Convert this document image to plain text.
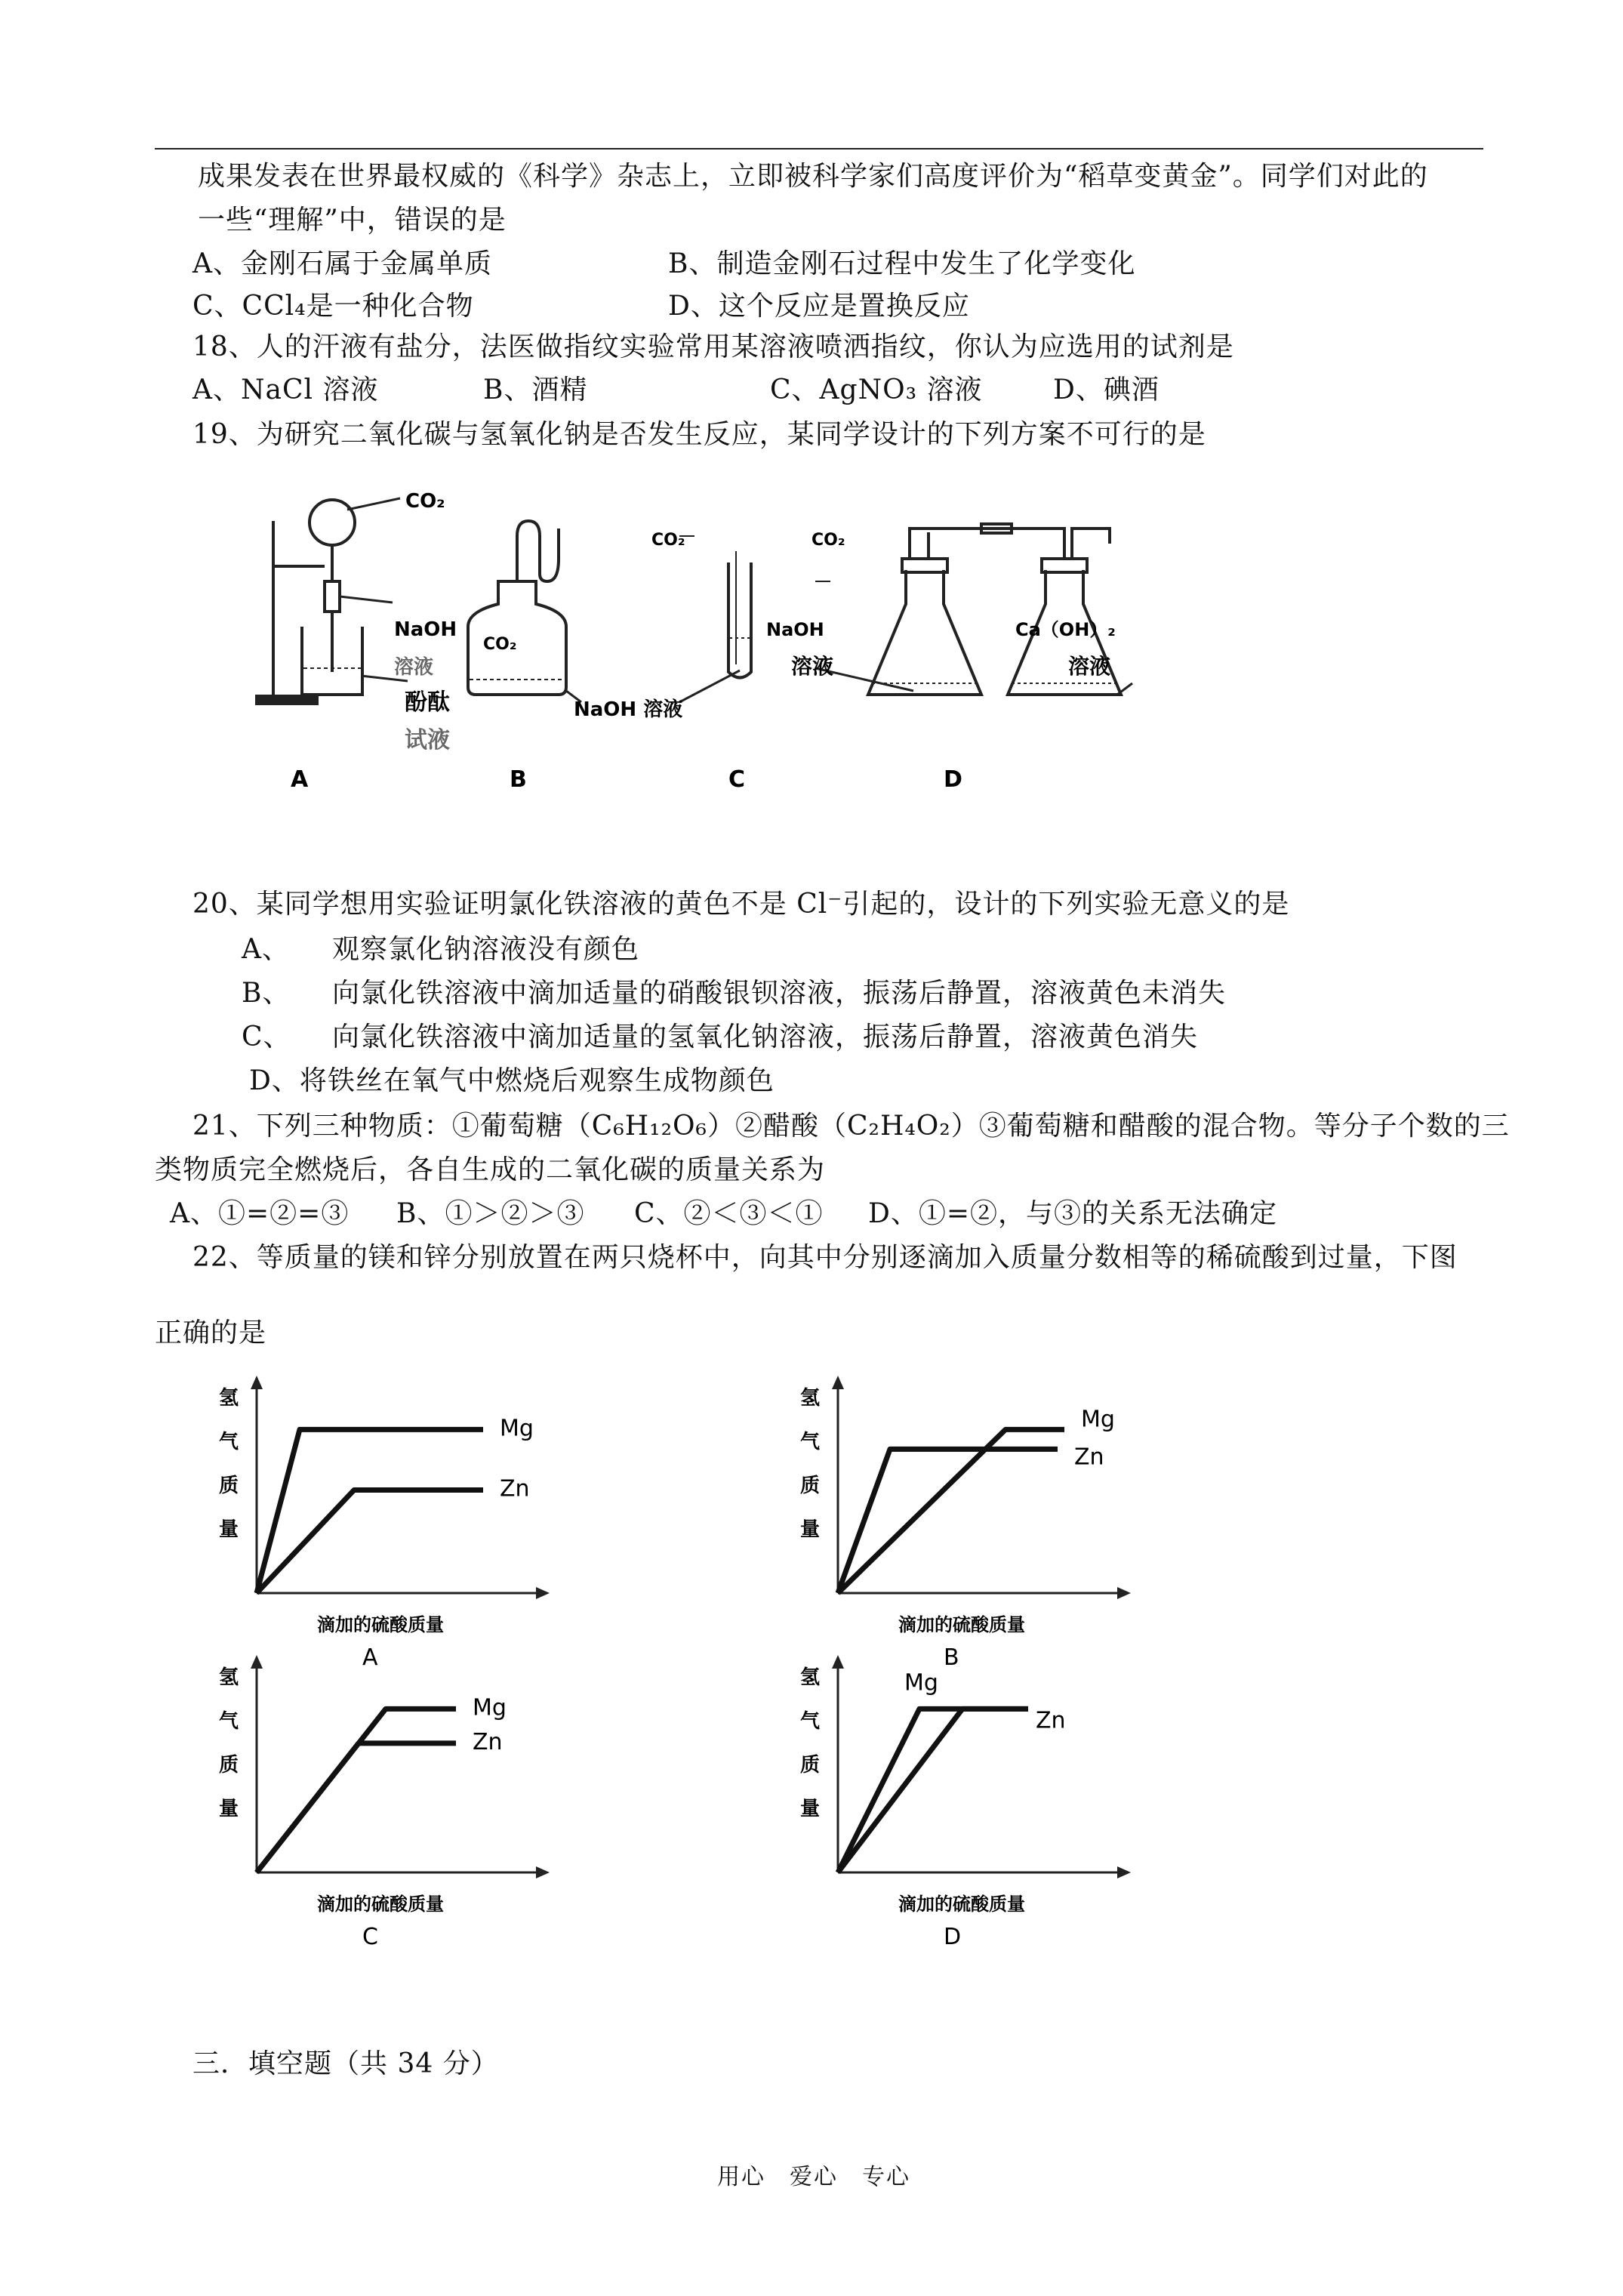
成果发表在世界最权威的《科学》杂志上，立即被科学家们高度评价为“稻草变黄金”。同学们对此的
一些“理解”中，错误的是
A、金刚石属于金属单质	B、制造金刚石过程中发生了化学变化
C、CCl₄是一种化合物	D、这个反应是置换反应
18、人的汗液有盐分，法医做指纹实验常用某溶液喷洒指纹，你认为应选用的试剂是
A、NaCl 溶液	B、酒精	C、AgNO₃ 溶液	D、碘酒
19、为研究二氧化碳与氢氧化钠是否发生反应，某同学设计的下列方案不可行的是
CO₂
NaOH
溶液
酚酞
试液
CO₂
NaOH 溶液
CO₂
NaOH
溶液
CO₂
Ca（OH）₂
溶液
A	B	C	D
20、某同学想用实验证明氯化铁溶液的黄色不是 Cl⁻引起的，设计的下列实验无意义的是
A、 观察氯化钠溶液没有颜色
B、 向氯化铁溶液中滴加适量的硝酸银钡溶液，振荡后静置，溶液黄色未消失
C、 向氯化铁溶液中滴加适量的氢氧化钠溶液，振荡后静置，溶液黄色消失
D、将铁丝在氧气中燃烧后观察生成物颜色
21、下列三种物质：①葡萄糖（C₆H₁₂O₆）②醋酸（C₂H₄O₂）③葡萄糖和醋酸的混合物。等分子个数的三
类物质完全燃烧后，各自生成的二氧化碳的质量关系为
A、①=②=③ B、①＞②＞③ C、②＜③＜① D、①=②，与③的关系无法确定
22、等质量的镁和锌分别放置在两只烧杯中，向其中分别逐滴加入质量分数相等的稀硫酸到过量，下图
正确的是
氢
气
质
量
滴加的硫酸质量
Mg
Zn
A
氢
气
质
量
滴加的硫酸质量
Mg
Zn
B
氢
气
质
量
滴加的硫酸质量
Mg
Zn
C
氢
气
质
量
滴加的硫酸质量
Mg
Zn
D
三．填空题（共 34 分）
用心　爱心　专心
